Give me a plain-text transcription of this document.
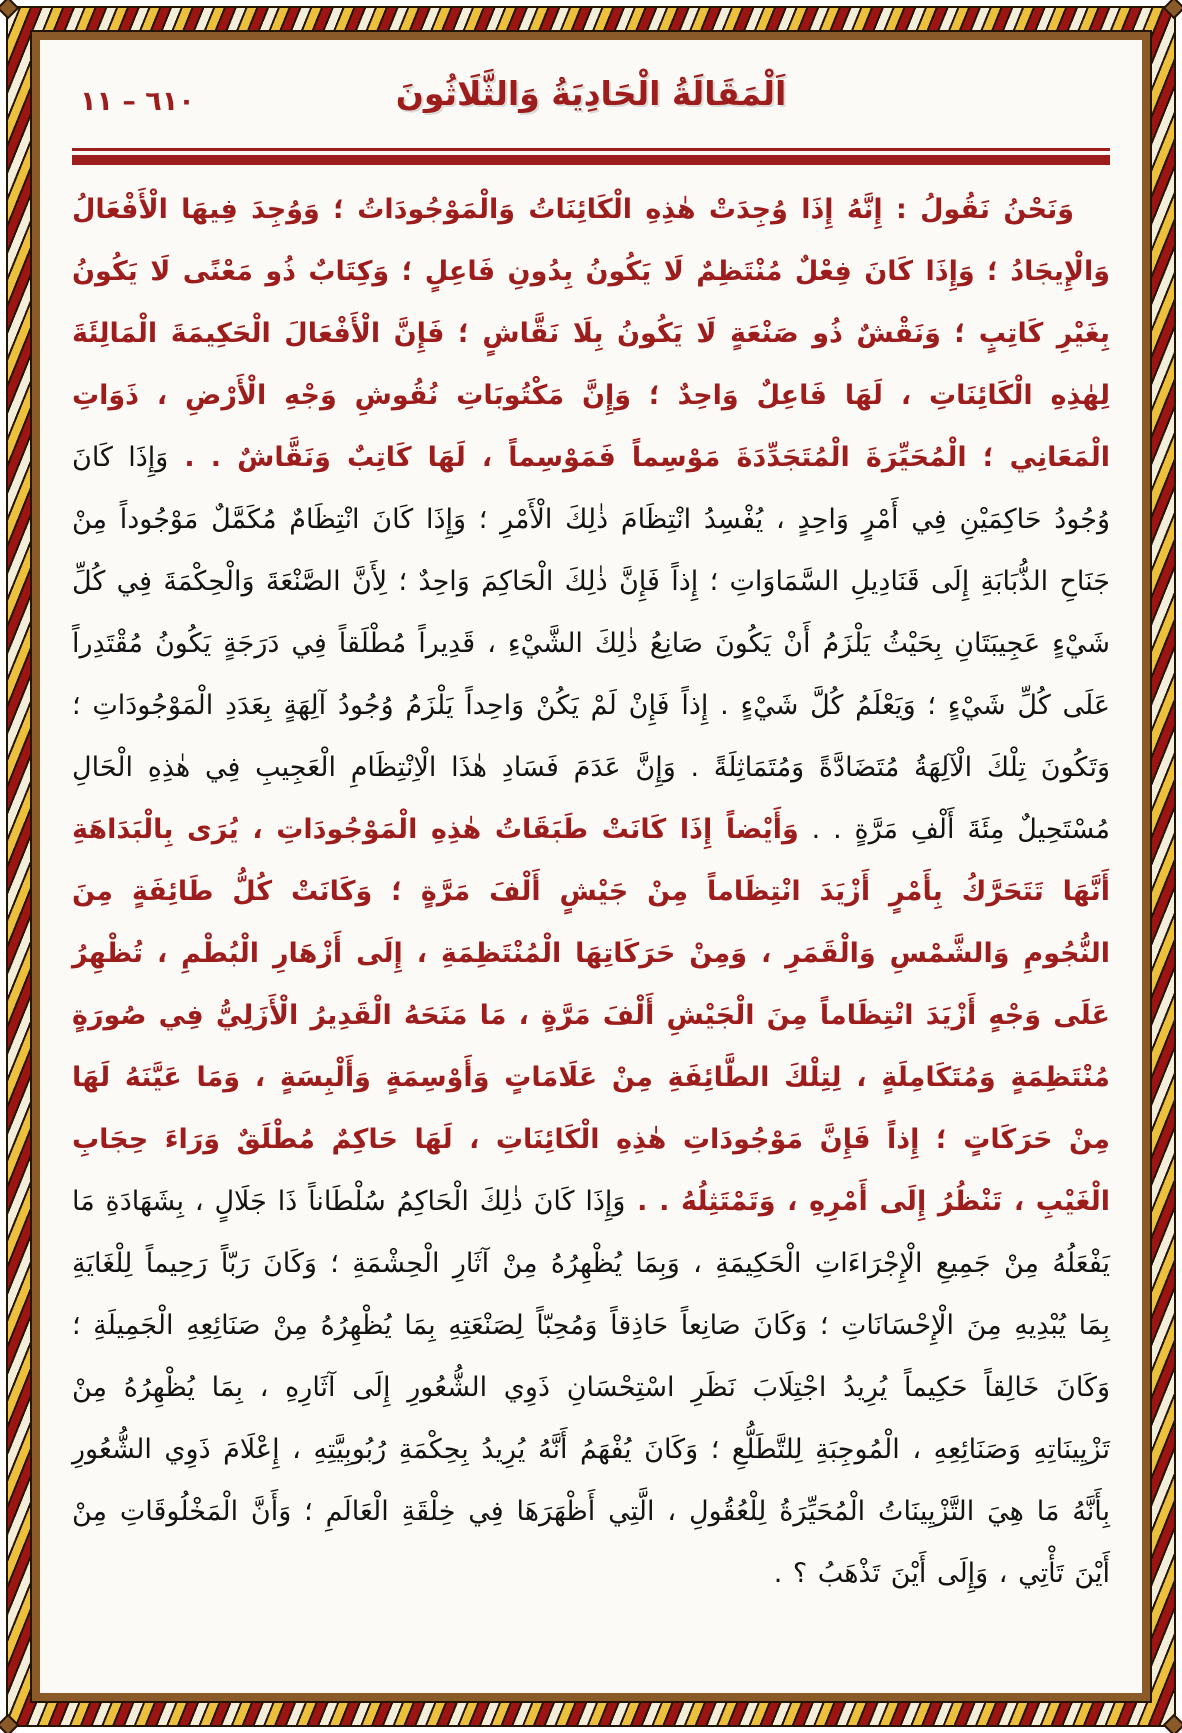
٦١٠ – ١١	اَلْمَقَالَةُ الْحَادِيَةُ وَالثَّلَاثُونَ

وَنَحْنُ نَقُولُ : إِنَّهُ إِذَا وُجِدَتْ هٰذِهِ الْكَائِنَاتُ وَالْمَوْجُودَاتُ ؛ وَوُجِدَ فِيهَا الْأَفْعَالُ وَالْإِيجَادُ ؛ وَإِذَا كَانَ فِعْلٌ مُنْتَظِمٌ لَا يَكُونُ بِدُونِ فَاعِلٍ ؛ وَكِتَابٌ ذُو مَعْنًى لَا يَكُونُ بِغَيْرِ كَاتِبٍ ؛ وَنَقْشٌ ذُو صَنْعَةٍ لَا يَكُونُ بِلَا نَقَّاشٍ ؛ فَإِنَّ الْأَفْعَالَ الْحَكِيمَةَ الْمَالِئَةَ لِهٰذِهِ الْكَائِنَاتِ ، لَهَا فَاعِلٌ وَاحِدٌ ؛ وَإِنَّ مَكْتُوبَاتِ نُقُوشِ وَجْهِ الْأَرْضِ ، ذَوَاتِ الْمَعَانِي ؛ الْمُحَيِّرَةَ الْمُتَجَدِّدَةَ مَوْسِماً فَمَوْسِماً ، لَهَا كَاتِبٌ وَنَقَّاشٌ . . وَإِذَا كَانَ وُجُودُ حَاكِمَيْنِ فِي أَمْرٍ وَاحِدٍ ، يُفْسِدُ انْتِظَامَ ذٰلِكَ الْأَمْرِ ؛ وَإِذَا كَانَ انْتِظَامٌ مُكَمَّلٌ مَوْجُوداً مِنْ جَنَاحِ الذُّبَابَةِ إِلَى قَنَادِيلِ السَّمَاوَاتِ ؛ إِذاً فَإِنَّ ذٰلِكَ الْحَاكِمَ وَاحِدٌ ؛ لِأَنَّ الصَّنْعَةَ وَالْحِكْمَةَ فِي كُلِّ شَيْءٍ عَجِيبَتَانِ بِحَيْثُ يَلْزَمُ أَنْ يَكُونَ صَانِعُ ذٰلِكَ الشَّيْءِ ، قَدِيراً مُطْلَقاً فِي دَرَجَةٍ يَكُونُ مُقْتَدِراً عَلَى كُلِّ شَيْءٍ ؛ وَيَعْلَمُ كُلَّ شَيْءٍ . إِذاً فَإِنْ لَمْ يَكُنْ وَاحِداً يَلْزَمُ وُجُودُ آلِهَةٍ بِعَدَدِ الْمَوْجُودَاتِ ؛ وَتَكُونَ تِلْكَ الْآلِهَةُ مُتَضَادَّةً وَمُتَمَاثِلَةً . وَإِنَّ عَدَمَ فَسَادِ هٰذَا الْاِنْتِظَامِ الْعَجِيبِ فِي هٰذِهِ الْحَالِ مُسْتَحِيلٌ مِئَةَ أَلْفِ مَرَّةٍ . . وَأَيْضاً إِذَا كَانَتْ طَبَقَاتُ هٰذِهِ الْمَوْجُودَاتِ ، يُرَى بِالْبَدَاهَةِ أَنَّهَا تَتَحَرَّكُ بِأَمْرٍ أَزْيَدَ انْتِظَاماً مِنْ جَيْشٍ أَلْفَ مَرَّةٍ ؛ وَكَانَتْ كُلُّ طَائِفَةٍ مِنَ النُّجُومِ وَالشَّمْسِ وَالْقَمَرِ ، وَمِنْ حَرَكَاتِهَا الْمُنْتَظِمَةِ ، إِلَى أَزْهَارِ الْبُطْمِ ، تُظْهِرُ عَلَى وَجْهٍ أَزْيَدَ انْتِظَاماً مِنَ الْجَيْشِ أَلْفَ مَرَّةٍ ، مَا مَنَحَهُ الْقَدِيرُ الْأَزَلِيُّ فِي صُورَةٍ مُنْتَظِمَةٍ وَمُتَكَامِلَةٍ ، لِتِلْكَ الطَّائِفَةِ مِنْ عَلَامَاتٍ وَأَوْسِمَةٍ وَأَلْبِسَةٍ ، وَمَا عَيَّنَهُ لَهَا مِنْ حَرَكَاتٍ ؛ إِذاً فَإِنَّ مَوْجُودَاتِ هٰذِهِ الْكَائِنَاتِ ، لَهَا حَاكِمٌ مُطْلَقٌ وَرَاءَ حِجَابِ الْغَيْبِ ، تَنْظُرُ إِلَى أَمْرِهِ ، وَتَمْتَثِلُهُ . . وَإِذَا كَانَ ذٰلِكَ الْحَاكِمُ سُلْطَاناً ذَا جَلَالٍ ، بِشَهَادَةِ مَا يَفْعَلُهُ مِنْ جَمِيعِ الْإِجْرَاءَاتِ الْحَكِيمَةِ ، وَبِمَا يُظْهِرُهُ مِنْ آثَارِ الْحِشْمَةِ ؛ وَكَانَ رَبّاً رَحِيماً لِلْغَايَةِ بِمَا يُبْدِيهِ مِنَ الْإِحْسَانَاتِ ؛ وَكَانَ صَانِعاً حَاذِقاً وَمُحِبّاً لِصَنْعَتِهِ بِمَا يُظْهِرُهُ مِنْ صَنَائِعِهِ الْجَمِيلَةِ ؛ وَكَانَ خَالِقاً حَكِيماً يُرِيدُ اجْتِلَابَ نَظَرِ اسْتِحْسَانِ ذَوِي الشُّعُورِ إِلَى آثَارِهِ ، بِمَا يُظْهِرُهُ مِنْ تَزْيِينَاتِهِ وَصَنَائِعِهِ ، الْمُوجِبَةِ لِلتَّطَلُّعِ ؛ وَكَانَ يُفْهَمُ أَنَّهُ يُرِيدُ بِحِكْمَةِ رُبُوبِيَّتِهِ ، إِعْلَامَ ذَوِي الشُّعُورِ بِأَنَّهُ مَا هِيَ التَّزْيِينَاتُ الْمُحَيِّرَةُ لِلْعُقُولِ ، الَّتِي أَظْهَرَهَا فِي خِلْقَةِ الْعَالَمِ ؛ وَأَنَّ الْمَخْلُوقَاتِ مِنْ أَيْنَ تَأْتِي ، وَإِلَى أَيْنَ تَذْهَبُ ؟ .
